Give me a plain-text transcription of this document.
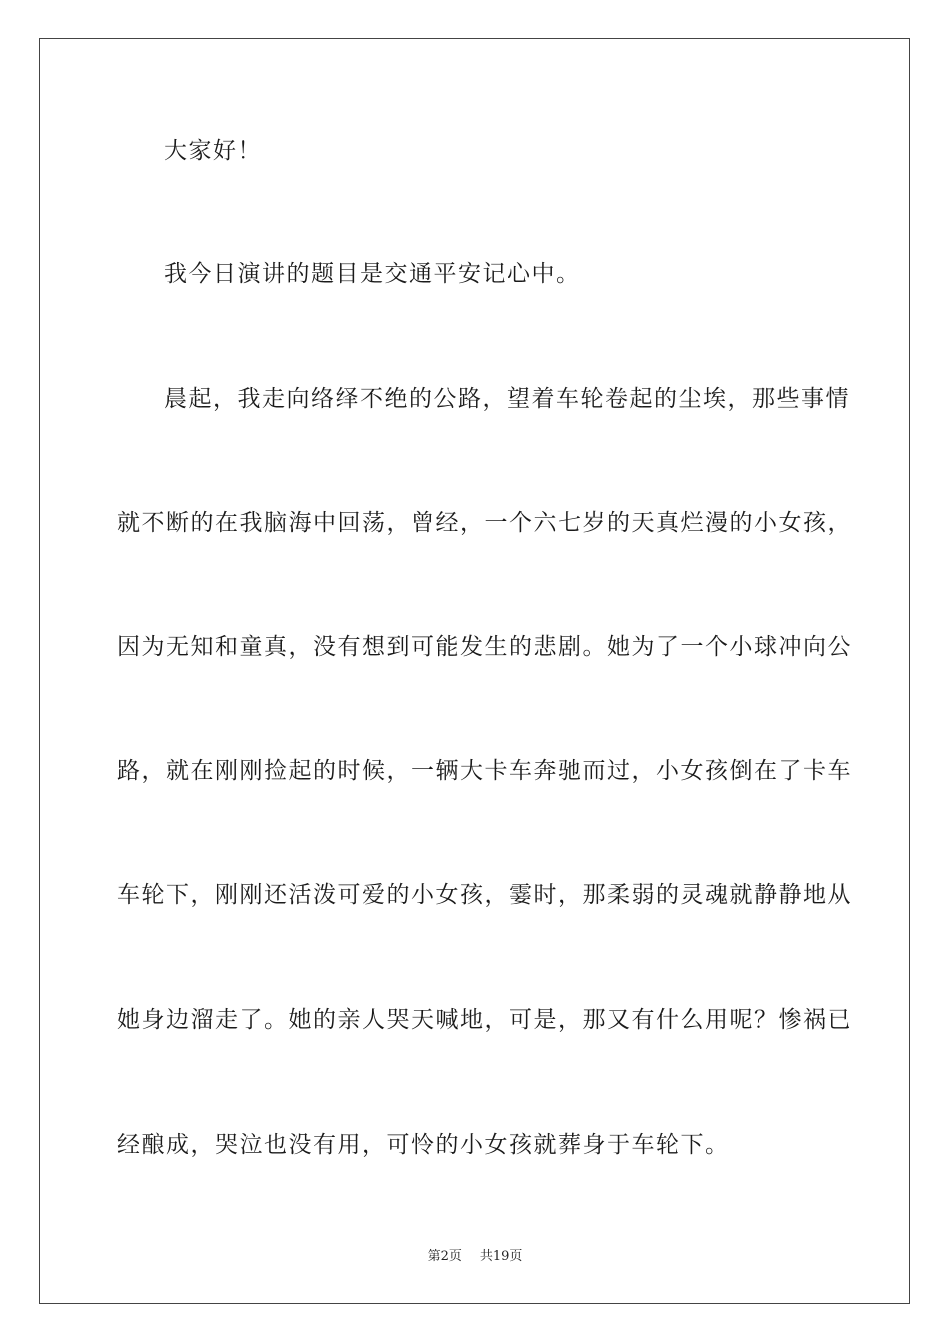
大家好！
我今日演讲的题目是交通平安记心中。
晨起，我走向络绎不绝的公路，望着车轮卷起的尘埃，那些事情
就不断的在我脑海中回荡，曾经，一个六七岁的天真烂漫的小女孩，
因为无知和童真，没有想到可能发生的悲剧。她为了一个小球冲向公
路，就在刚刚捡起的时候，一辆大卡车奔驰而过，小女孩倒在了卡车
车轮下，刚刚还活泼可爱的小女孩，霎时，那柔弱的灵魂就静静地从
她身边溜走了。她的亲人哭天喊地，可是，那又有什么用呢？惨祸已
经酿成，哭泣也没有用，可怜的小女孩就葬身于车轮下。
第2页 共19页
